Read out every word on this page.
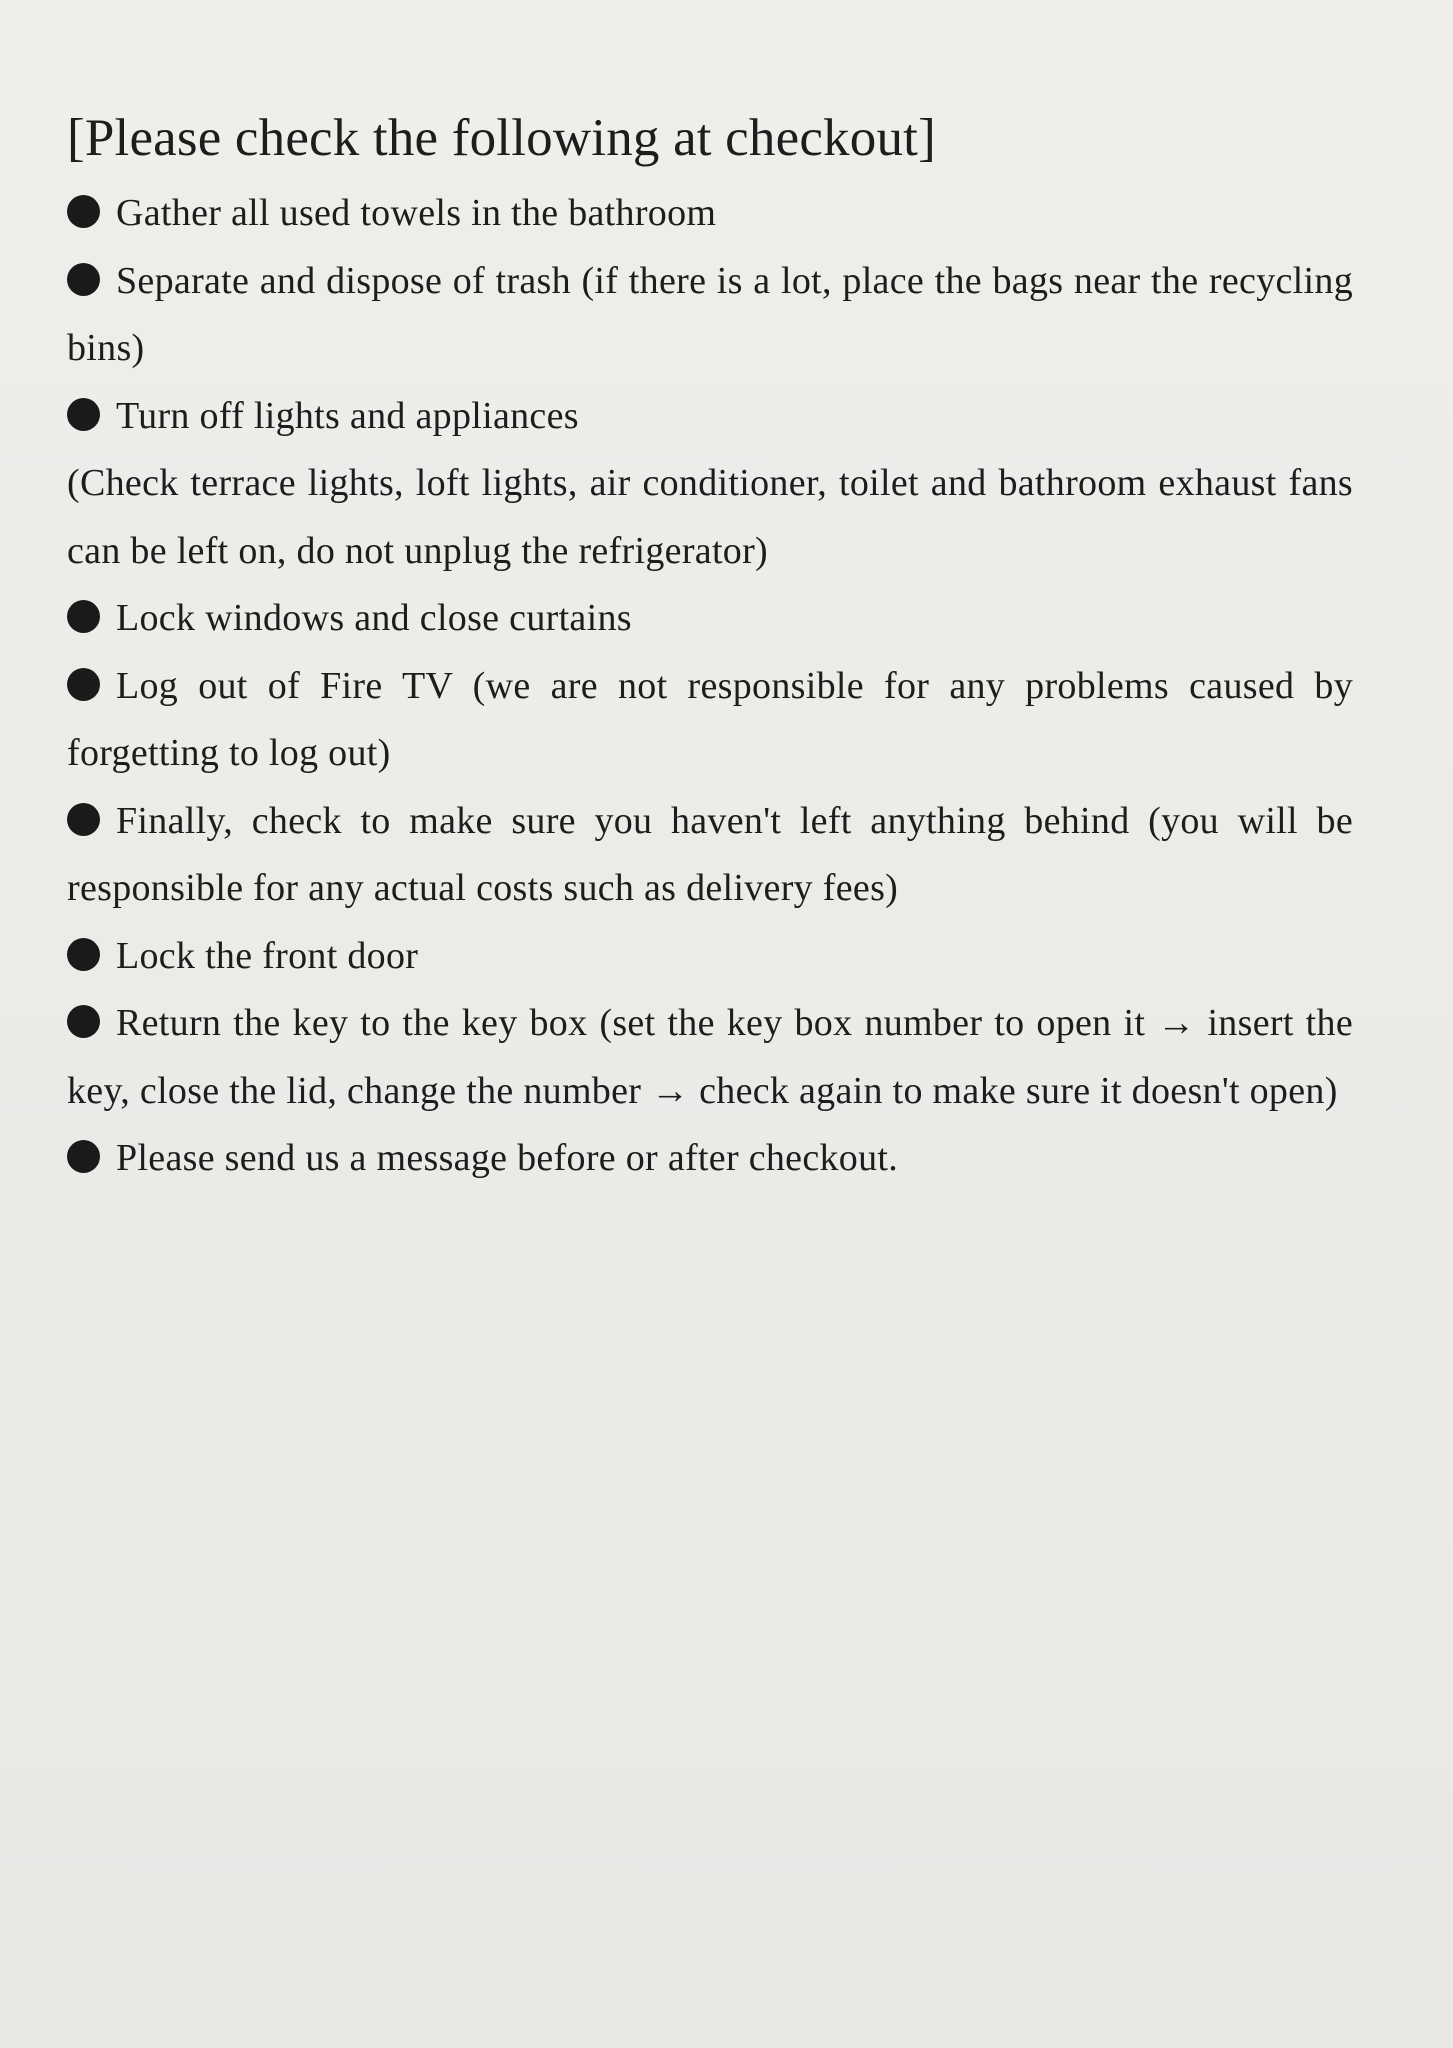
[Please check the following at checkout]
Gather all used towels in the bathroom
Separate and dispose of trash (if there is a lot, place the bags near the recycling bins)
Turn off lights and appliances
(Check terrace lights, loft lights, air conditioner, toilet and bathroom exhaust fans can be left on, do not unplug the refrigerator)
Lock windows and close curtains
Log out of Fire TV (we are not responsible for any problems caused by forgetting to log out)
Finally, check to make sure you haven't left anything behind (you will be responsible for any actual costs such as delivery fees)
Lock the front door
Return the key to the key box (set the key box number to open it → insert the key, close the lid, change the number → check again to make sure it doesn't open)
Please send us a message before or after checkout.
